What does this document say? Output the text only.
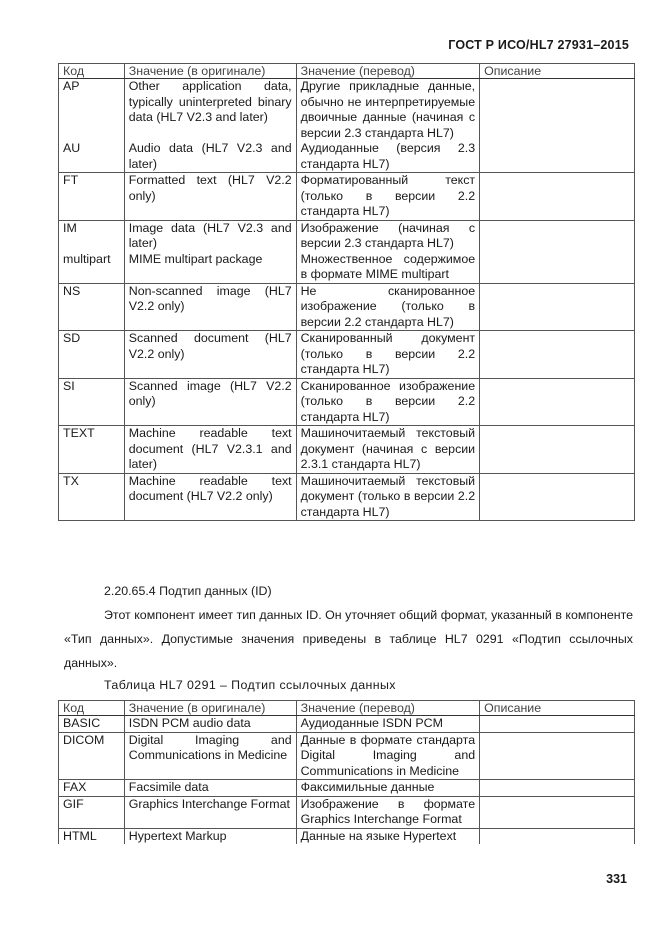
ГОСТ Р ИСО/HL7 27931–2015
Код	Значение (в оригинале)	Значение (перевод)	Описание
AP	Other application data, typically uninterpreted binary data (HL7 V2.3 and later)	Другие прикладные данные, обычно не интерпретируемые двоичные данные (начиная с версии 2.3 стандарта HL7)	
AU	Audio data (HL7 V2.3 and later)	Аудиоданные (версия 2.3 стандарта HL7)	
FT	Formatted text (HL7 V2.2 only)	Форматированный текст (только в версии 2.2 стандарта HL7)	
IM	Image data (HL7 V2.3 and later)	Изображение (начиная с версии 2.3 стандарта HL7)	
multipart	MIME multipart package	Множественное содержимое в формате MIME multipart	
NS	Non-scanned image (HL7 V2.2 only)	Не сканированное изображение (только в версии 2.2 стандарта HL7)	
SD	Scanned document (HL7 V2.2 only)	Сканированный документ (только в версии 2.2 стандарта HL7)	
SI	Scanned image (HL7 V2.2 only)	Сканированное изображение (только в версии 2.2 стандарта HL7)	
TEXT	Machine readable text document (HL7 V2.3.1 and later)	Машиночитаемый текстовый документ (начиная с версии 2.3.1 стандарта HL7)	
TX	Machine readable text document (HL7 V2.2 only)	Машиночитаемый текстовый документ (только в версии 2.2 стандарта HL7)	
2.20.65.4 Подтип данных (ID)
Этот компонент имеет тип данных ID. Он уточняет общий формат, указанный в компоненте «Тип данных». Допустимые значения приведены в таблице HL7 0291 «Подтип ссылочных данных».
Таблица HL7 0291 – Подтип ссылочных данных
Код	Значение (в оригинале)	Значение (перевод)	Описание
BASIC	ISDN PCM audio data	Аудиоданные ISDN PCM	
DICOM	Digital Imaging and Communications in Medicine	Данные в формате стандарта Digital Imaging and Communications in Medicine	
FAX	Facsimile data	Факсимильные данные	
GIF	Graphics Interchange Format	Изображение в формате Graphics Interchange Format	
HTML	Hypertext Markup	Данные на языке Hypertext	
331
